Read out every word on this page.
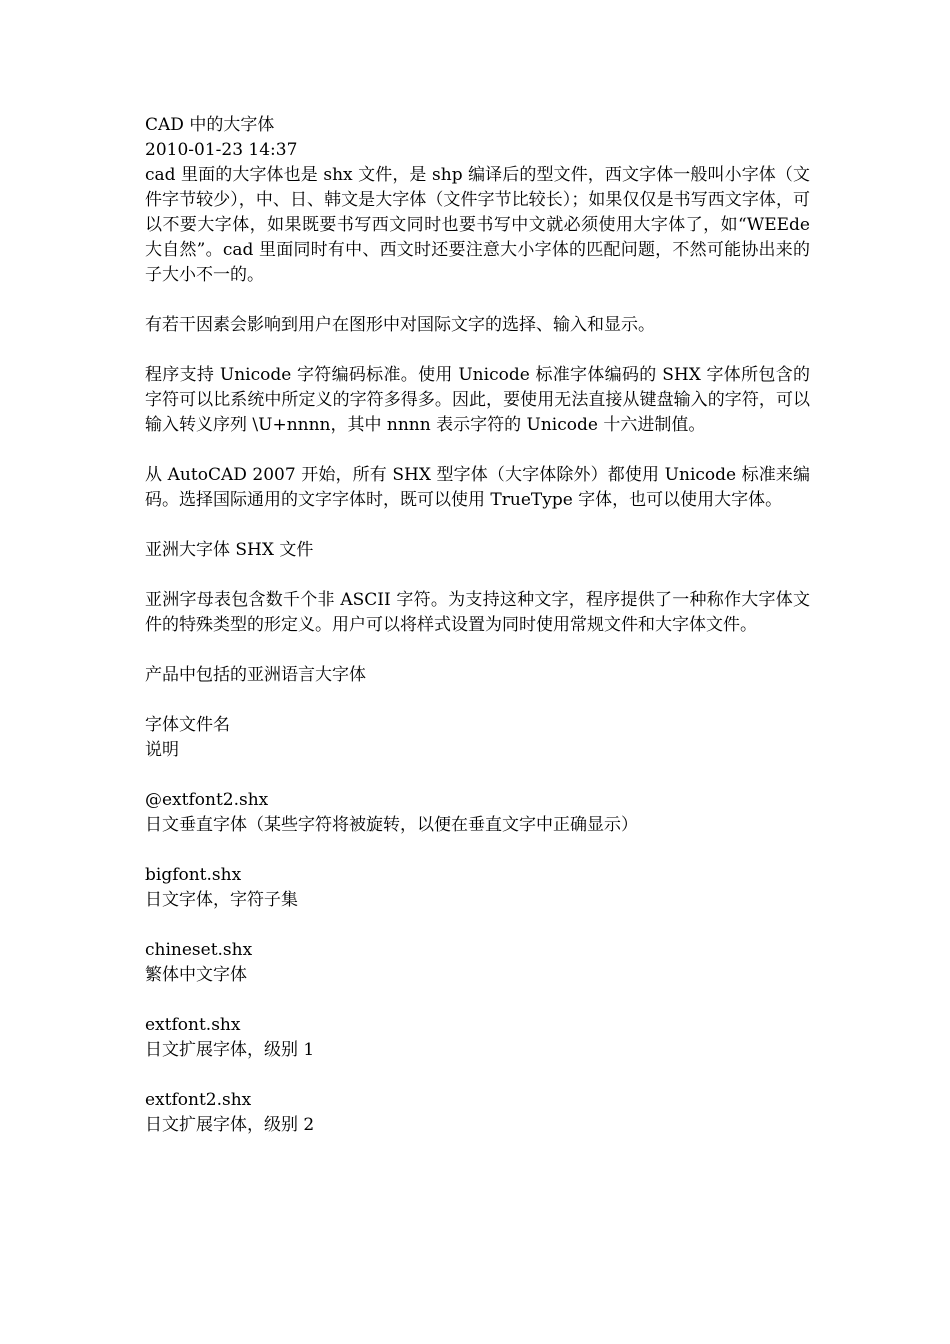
CAD 中的大字体
2010-01-23 14:37

cad 里面的大字体也是 shx 文件，是 shp 编译后的型文件，西文字体一般叫小字体（文件字节较少），中、日、韩文是大字体（文件字节比较长）；如果仅仅是书写西文字体，可以不要大字体，如果既要书写西文同时也要书写中文就必须使用大字体了，如“WEEde 大自然”。cad 里面同时有中、西文时还要注意大小字体的匹配问题，不然可能协出来的子大小不一的。

有若干因素会影响到用户在图形中对国际文字的选择、输入和显示。

程序支持 Unicode 字符编码标准。使用 Unicode 标准字体编码的 SHX 字体所包含的字符可以比系统中所定义的字符多得多。因此，要使用无法直接从键盘输入的字符，可以输入转义序列 \U+nnnn，其中 nnnn 表示字符的 Unicode 十六进制值。

从 AutoCAD 2007 开始，所有 SHX 型字体（大字体除外）都使用 Unicode 标准来编码。选择国际通用的文字字体时，既可以使用 TrueType 字体，也可以使用大字体。

亚洲大字体 SHX 文件

亚洲字母表包含数千个非 ASCII 字符。为支持这种文字，程序提供了一种称作大字体文件的特殊类型的形定义。用户可以将样式设置为同时使用常规文件和大字体文件。

产品中包括的亚洲语言大字体

字体文件名
说明
@extfont2.shx
日文垂直字体（某些字符将被旋转，以便在垂直文字中正确显示）
bigfont.shx
日文字体，字符子集
chineset.shx
繁体中文字体
extfont.shx
日文扩展字体，级别 1
extfont2.shx
日文扩展字体，级别 2
